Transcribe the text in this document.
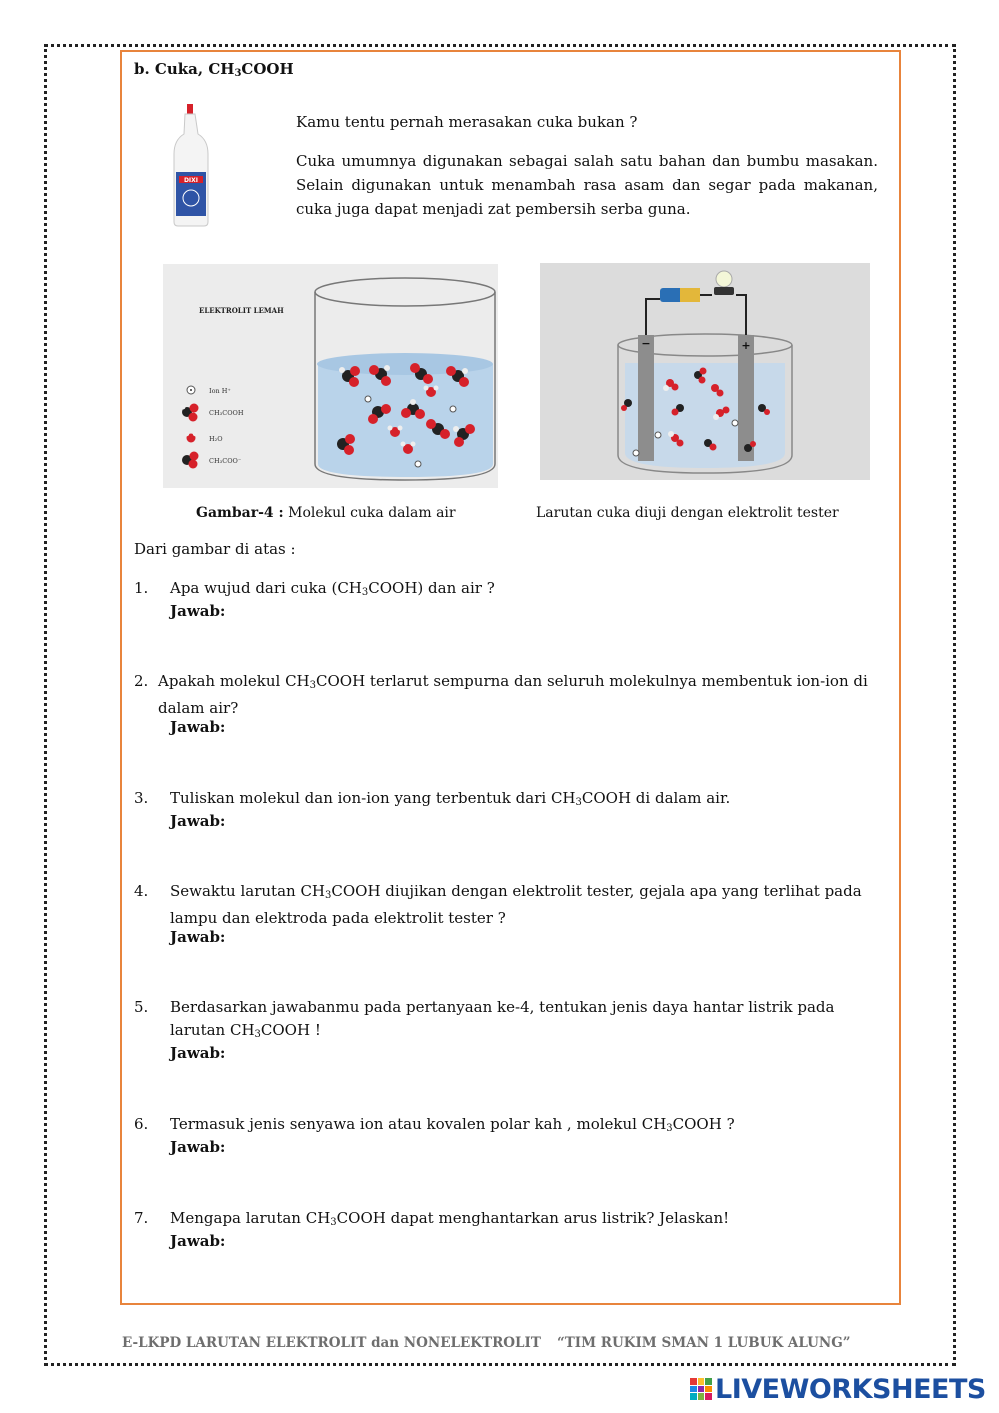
b. Cuka, $CH_3COOH$
DIXI
Kamu tentu pernah merasakan cuka bukan ?
Cuka umumnya digunakan sebagai salah satu bahan dan bumbu masakan. Selain digunakan untuk menambah rasa asam dan segar pada makanan, cuka juga dapat menjadi zat pembersih serba guna.
ELEKTROLIT LEMAH
Ion H⁺
CH₃COOH
H₂O
CH₃COO⁻
−	+
Gambar-4 : Molekul cuka dalam air	Larutan cuka diuji dengan elektrolit tester
Dari gambar di atas :
1. Apa wujud dari cuka $(CH_3COOH)$ dan air ?
Jawab:
2. Apakah molekul $CH_3COOH$ terlarut sempurna dan seluruh molekulnya membentuk ion-ion di dalam air?
Jawab:
3. Tuliskan molekul dan ion-ion yang terbentuk dari $CH_3COOH$ di dalam air.
Jawab:
4. Sewaktu larutan $CH_3COOH$ diujikan dengan elektrolit tester, gejala apa yang terlihat pada lampu dan elektroda pada elektrolit tester ?
Jawab:
5. Berdasarkan jawabanmu pada pertanyaan ke-4, tentukan jenis daya hantar listrik pada larutan $CH_3COOH$ !
Jawab:
6. Termasuk jenis senyawa ion atau kovalen polar kah , molekul $CH_3COOH$ ?
Jawab:
7. Mengapa larutan $CH_3COOH$ dapat menghantarkan arus listrik? Jelaskan!
Jawab:
E-LKPD LARUTAN ELEKTROLIT dan NONELEKTROLIT “TIM RUKIM SMAN 1 LUBUK ALUNG”
LIVEWORKSHEETS
